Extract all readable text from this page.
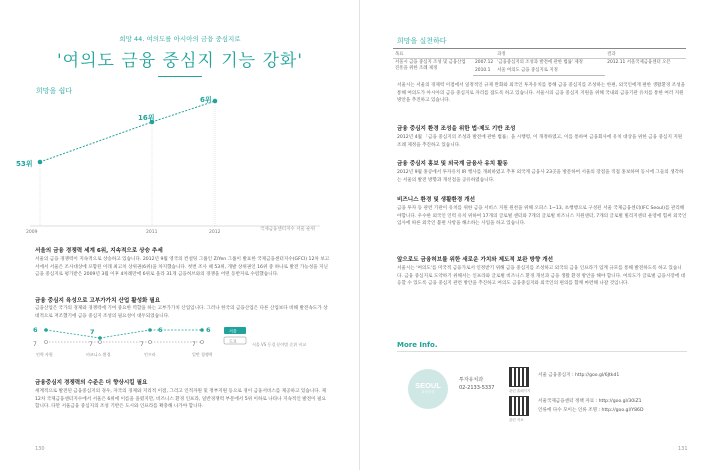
희망 44. 여의도를 아시아의 금융 중심지로
'여의도 금융 중심지 기능 강화'
희망을 쉽다
53위
16위
6위
2009	2011	2012
국제금융센터지수 서울 순위
서울의 금융 경쟁력 세계 6위, 지속적으로 상승 추세
서울의 금융 경쟁력이 지속적으로 상승하고 있습니다. 2012년 9월 영국의 컨설팅 그룹인 Z/Yen 그룹이 발표한 국제금융센터지수(GFCI) 12차 보고서에서 서울은 조사대상에 포함된 이래 최고치 상위권(6위)을 차지했습니다. 첫번 조사 때 53위, 개발 상위권인 16위 중 하나로 발전 가능성을 지닌 금융 중심지로 평가받은 2009년 3월 이후 4차례만에 6위로 올라 31개 금융허브와의 경쟁을 어떤 동반자로 수렴했습니다.
금융 중심지 육성으로 고부가가치 산업 활성화 필요
금융산업은 국가의 경제와 경쟁력에 기여 중요한 역할을 하는 고부가가치 산업입니다. 그러나 한국의 금융산업은 다른 산업보다 비해 발전속도가 상대적으로 저조했기에 금융 중심지 조성의 필요성이 대두되었습니다.
6	7	6	6
7	7	7	7
인력 자원	비즈니스 환경	인프라	일반 경쟁력
서울
도쿄
서울 VS 동경 분야별 순위 비교
금융중심지 경쟁력의 수준은 더 향상시킬 필요
세계적으로 발전된 금융중심지의 경우, 자국의 경제와 지리적 이점, 그리고 인적자원 및 정부지원 등으로 경이 금융서비스를 제공하고 있습니다. 제12차 국제금융센터지수에서 서울은 6위에 이름을 올렸지만, 비즈니스 환경 인프라, 일반경쟁력 부문에서 5위 이하로 나타나 지속적인 발전이 필요합니다. 다만 서울금융 중심지의 조성 기반은 도시와 인프라를 확충해 나가야 합니다.
130
희망을 실천하다
목표		과정	결과
서울시 금융 중심지 조성 및 금융산업 진흥을 위한 조례 제정	2007.12	'금융중심지의 조성과 발전에 관한 법률' 제정	2012.11 서울국제금융센터 오픈
	2010.1	서울 여의도 금융 중심지로 지정	
서울시는 서울의 경제력 이점에서 일정적인 규제 완화와 외국인 투자유치를 통해 금융 중심지를 조성하는 한편, 외국인에게 편한 생활환경 조성을 통해 여의도가 아시아의 금융 중심지로 자리를 잡도록 하고 있습니다. 서울시의 금융 중심지 지원을 위해 국내외 금융기관 유치를 통한 여러 지원 방안을 추진하고 있습니다.
금융 중심지 환경 조성을 위한 법·제도 기반 조성
2012년 4월 「금융 중심지의 조성과 발전에 관한 법률」을 시행령, 이 개정하였고, 이를 통하여 금융회사에 유치 대상을 위한 금융 중심지 지원 조례 제정을 추진하고 있습니다.
금융 중심지 홍보 및 외국계 금융사 유치 활동
2012년 9월 홍콩에서 투자유치 IR 행사를 개최하였고 추후 외국계 금융사 23곳을 방문하여 서울의 장점을 직접 홍보하며 동시에 그들의 생각하는 서울의 발전 방향과 개선점을 공유하였습니다.
비즈니스 환경 및 생활환경 개선
금융 투자 등 관련 기관이 유치를 위한 금융 서비스 지원 원천을 위해 오피스 1~13, 초행행으로 구성된 서울 국제금융센터(IFC Seoul)를 관리해야합니다. 우수한 외국인 인력 유치 위하여 17개의 글로벌 센터와 7개의 글로벌 비즈니스 지원센터, 7개의 글로벌 빌리지센터 운영에 힘써 외국인 입사에 따른 외국인 불편 사항을 해소하는 사업을 하고 있습니다.
앞으로도 금융허브를 위한 새로운 가치와 제도적 보완 방향 개선
서울시는 '여의도'를 미국적 금융가로서 인정받기 위해 금융 중심지를 조성하고 외국의 금융 인프라가 업계 규모를 통해 발전하도록 하고 있습니다. 금융 중심지로 도약하기 위해서는 인프라와 글로벌 비즈니스 환경 개선과 금융 생활 환경 방안을 해야 합니다. 여의도가 글로벌 금융시장에 대응할 수 있도록 금융 중심지 관련 방안을 추진하고 여의도 금융중심지와 외국인의 편의를 함께 마련해 나갈 것입니다.
More Info.
SEOUL
희망서울
투자유치과
02-2133-5337	관련 홈페이지
관련 자료
서울 금융중심지 : http://goo.gl/6Jtkd1
서울국제금융센터 정책 자료 : http://goo.gl/30iZ1
인류에 다수 모이는 인류 조명 : http://goo.gl/Y86D
131
